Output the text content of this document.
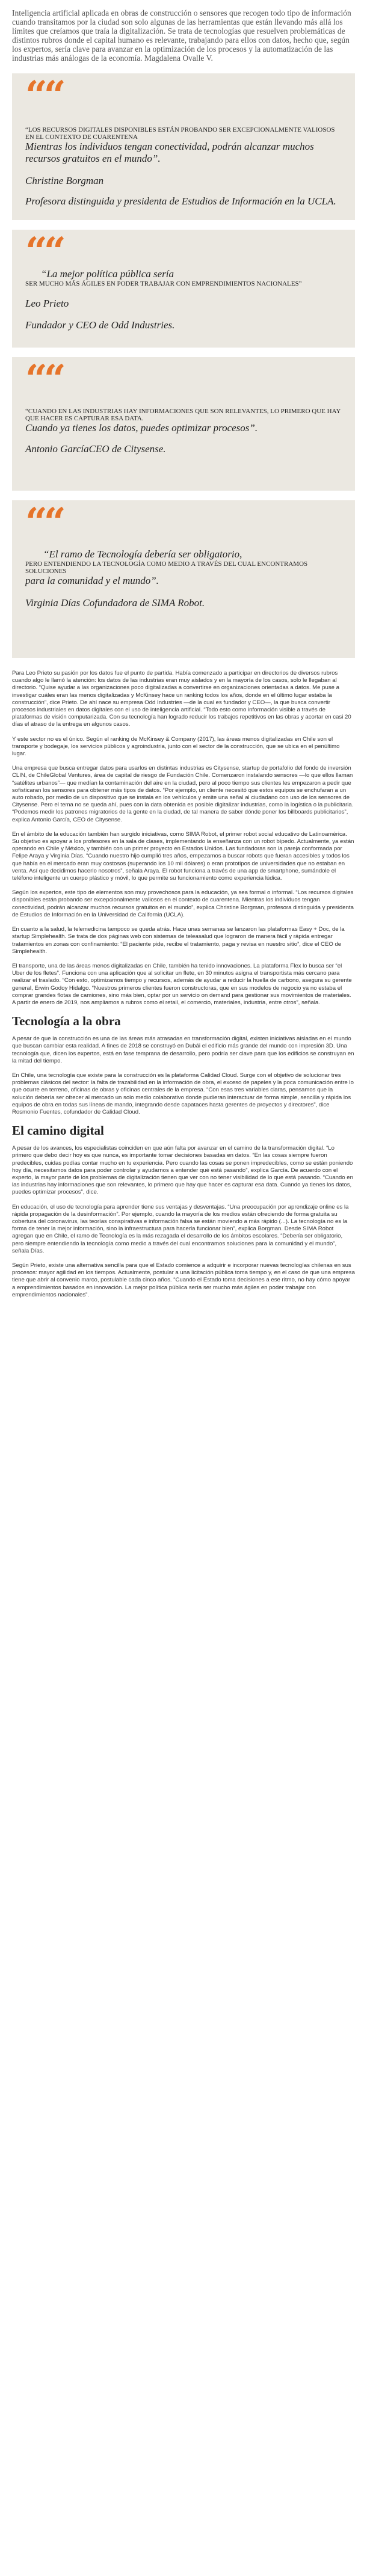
Inteligencia artificial aplicada en obras de construcción o sensores que recogen todo tipo de información cuando transitamos por la ciudad son solo algunas de las herramientas que están llevando más allá los límites que creíamos que traía la digitalización. Se trata de tecnologías que resuelven problemáticas de distintos rubros donde el capital humano es relevante, trabajando para ellos con datos, hecho que, según los expertos, sería clave para avanzar en la optimización de los procesos y la automatización de las industrias más análogas de la economía. Magdalena Ovalle V.

““

“LOS RECURSOS DIGITALES DISPONIBLES ESTÁN PROBANDO SER EXCEPCIONALMENTE VALIOSOS EN EL CONTEXTO DE CUARENTENA

Mientras los individuos tengan conectividad, podrán alcanzar muchos recursos gratuitos en el mundo”.

Christine Borgman

Profesora distinguida y presidenta de Estudios de Información en la UCLA.

““

“La mejor política pública sería

SER MUCHO MÁS ÁGILES EN PODER TRABAJAR CON EMPRENDIMIENTOS NACIONALES”

Leo Prieto

Fundador y CEO de Odd Industries.

““

“CUANDO EN LAS INDUSTRIAS HAY INFORMACIONES QUE SON RELEVANTES, LO PRIMERO QUE HAY QUE HACER ES CAPTURAR ESA DATA.

Cuando ya tienes los datos, puedes optimizar procesos”.

Antonio GarcíaCEO de Citysense.

““

“El ramo de Tecnología debería ser obligatorio,

PERO ENTENDIENDO LA TECNOLOGÍA COMO MEDIO A TRAVÉS DEL CUAL ENCONTRAMOS SOLUCIONES

para la comunidad y el mundo”.

Virginia Días Cofundadora de SIMA Robot.

Para Leo Prieto su pasión por los datos fue el punto de partida. Había comenzado a participar en directorios de diversos rubros cuando algo le llamó la atención: los datos de las industrias eran muy aislados y en la mayoría de los casos, solo le llegaban al directorio. “Quise ayudar a las organizaciones poco digitalizadas a convertirse en organizaciones orientadas a datos. Me puse a investigar cuáles eran las menos digitalizadas y McKinsey hace un ranking todos los años, donde en el último lugar estaba la construcción”, dice Prieto. De ahí nace su empresa Odd Industries —de la cual es fundador y CEO—, la que busca convertir procesos industriales en datos digitales con el uso de inteligencia artificial. “Todo esto como información visible a través de plataformas de visión computarizada. Con su tecnología han logrado reducir los trabajos repetitivos en las obras y acortar en casi 20 días el atraso de la entrega en algunos casos.

Y este sector no es el único. Según el ranking de McKinsey & Company (2017), las áreas menos digitalizadas en Chile son el transporte y bodegaje, los servicios públicos y agroindustria, junto con el sector de la construcción, que se ubica en el penúltimo lugar.

Una empresa que busca entregar datos para usarlos en distintas industrias es Citysense, startup de portafolio del fondo de inversión CLIN, de ChileGlobal Ventures, área de capital de riesgo de Fundación Chile. Comenzaron instalando sensores —lo que ellos llaman “satélites urbanos”— que medían la contaminación del aire en la ciudad, pero al poco tiempo sus clientes les empezaron a pedir que sofisticaran los sensores para obtener más tipos de datos. “Por ejemplo, un cliente necesitó que estos equipos se enchufaran a un auto robado, por medio de un dispositivo que se instala en los vehículos y emite una señal al ciudadano con uso de los sensores de Citysense. Pero el tema no se queda ahí, pues con la data obtenida es posible digitalizar industrias, como la logística o la publicitaria. “Podemos medir los patrones migratorios de la gente en la ciudad, de tal manera de saber dónde poner los billboards publicitarios”, explica Antonio García, CEO de Citysense.

En el ámbito de la educación también han surgido iniciativas, como SIMA Robot, el primer robot social educativo de Latinoamérica. Su objetivo es apoyar a los profesores en la sala de clases, implementando la enseñanza con un robot bípedo. Actualmente, ya están operando en Chile y México, y también con un primer proyecto en Estados Unidos. Las fundadoras son la pareja conformada por Felipe Araya y Virginia Días. “Cuando nuestro hijo cumplió tres años, empezamos a buscar robots que fueran accesibles y todos los que había en el mercado eran muy costosos (superando los 10 mil dólares) o eran prototipos de universidades que no estaban en venta. Así que decidimos hacerlo nosotros”, señala Araya. El robot funciona a través de una app de smartphone, sumándole el teléfono inteligente un cuerpo plástico y móvil, lo que permite su funcionamiento como experiencia lúdica.

Según los expertos, este tipo de elementos son muy provechosos para la educación, ya sea formal o informal. “Los recursos digitales disponibles están probando ser excepcionalmente valiosos en el contexto de cuarentena. Mientras los individuos tengan conectividad, podrán alcanzar muchos recursos gratuitos en el mundo”, explica Christine Borgman, profesora distinguida y presidenta de Estudios de Información en la Universidad de California (UCLA).

En cuanto a la salud, la telemedicina tampoco se queda atrás. Hace unas semanas se lanzaron las plataformas Easy + Doc, de la startup Simplehealth. Se trata de dos páginas web con sistemas de teleasalud que lograron de manera fácil y rápida entregar tratamientos en zonas con confinamiento: “El paciente pide, recibe el tratamiento, paga y revisa en nuestro sitio”, dice el CEO de Simplehealth.

El transporte, una de las áreas menos digitalizadas en Chile, también ha tenido innovaciones. La plataforma Flex lo busca ser “el Uber de los fletes”. Funciona con una aplicación que al solicitar un flete, en 30 minutos asigna el transportista más cercano para realizar el traslado. “Con esto, optimizamos tiempo y recursos, además de ayudar a reducir la huella de carbono, asegura su gerente general, Erwin Godoy Hidalgo. “Nuestros primeros clientes fueron constructoras, que en sus modelos de negocio ya no estaba el comprar grandes flotas de camiones, sino más bien, optar por un servicio on demand para gestionar sus movimientos de materiales. A partir de enero de 2019, nos ampliamos a rubros como el retail, el comercio, materiales, industria, entre otros”, señala.

Tecnología a la obra

A pesar de que la construcción es una de las áreas más atrasadas en transformación digital, existen iniciativas aisladas en el mundo que buscan cambiar esta realidad. A fines de 2018 se construyó en Dubái el edificio más grande del mundo con impresión 3D. Una tecnología que, dicen los expertos, está en fase temprana de desarrollo, pero podría ser clave para que los edificios se construyan en la mitad del tiempo.

En Chile, una tecnología que existe para la construcción es la plataforma Calidad Cloud. Surge con el objetivo de solucionar tres problemas clásicos del sector: la falta de trazabilidad en la información de obra, el exceso de papeles y la poca comunicación entre lo que ocurre en terreno, oficinas de obras y oficinas centrales de la empresa. “Con esas tres variables claras, pensamos que la solución debería ser ofrecer al mercado un solo medio colaborativo donde pudieran interactuar de forma simple, sencilla y rápida los equipos de obra en todas sus líneas de mando, integrando desde capataces hasta gerentes de proyectos y directores”, dice Rosmonio Fuentes, cofundador de Calidad Cloud.

El camino digital

A pesar de los avances, los especialistas coinciden en que aún falta por avanzar en el camino de la transformación digital. “Lo primero que debo decir hoy es que nunca, es importante tomar decisiones basadas en datos. “En las cosas siempre fueron predecibles, cuidas podías contar mucho en tu experiencia. Pero cuando las cosas se ponen impredecibles, como se están poniendo hoy día, necesitamos datos para poder controlar y ayudarnos a entender qué está pasando”, explica García. De acuerdo con el experto, la mayor parte de los problemas de digitalización tienen que ver con no tener visibilidad de lo que está pasando. “Cuando en las industrias hay informaciones que son relevantes, lo primero que hay que hacer es capturar esa data. Cuando ya tienes los datos, puedes optimizar procesos”, dice.

En educación, el uso de tecnología para aprender tiene sus ventajas y desventajas. “Una preocupación por aprendizaje online es la rápida propagación de la desinformación”. Por ejemplo, cuando la mayoría de los medios están ofreciendo de forma gratuita su cobertura del coronavirus, las teorías conspirativas e información falsa se están moviendo a más rápido (...). La tecnología no es la forma de tener la mejor información, sino la infraestructura para hacerla funcionar bien”, explica Borgman. Desde SIMA Robot agregan que en Chile, el ramo de Tecnología es la más rezagada el desarrollo de los ámbitos escolares. “Debería ser obligatorio, pero siempre entendiendo la tecnología como medio a través del cual encontramos soluciones para la comunidad y el mundo”, señala Días.

Según Prieto, existe una alternativa sencilla para que el Estado comience a adquirir e incorporar nuevas tecnologías chilenas en sus procesos: mayor agilidad en los tiempos. Actualmente, postular a una licitación pública toma tiempo y, en el caso de que una empresa tiene que abrir al convenio marco, postulable cada cinco años. “Cuando el Estado toma decisiones a ese ritmo, no hay cómo apoyar a emprendimientos basados en innovación. La mejor política pública sería ser mucho más ágiles en poder trabajar con emprendimientos nacionales”.
